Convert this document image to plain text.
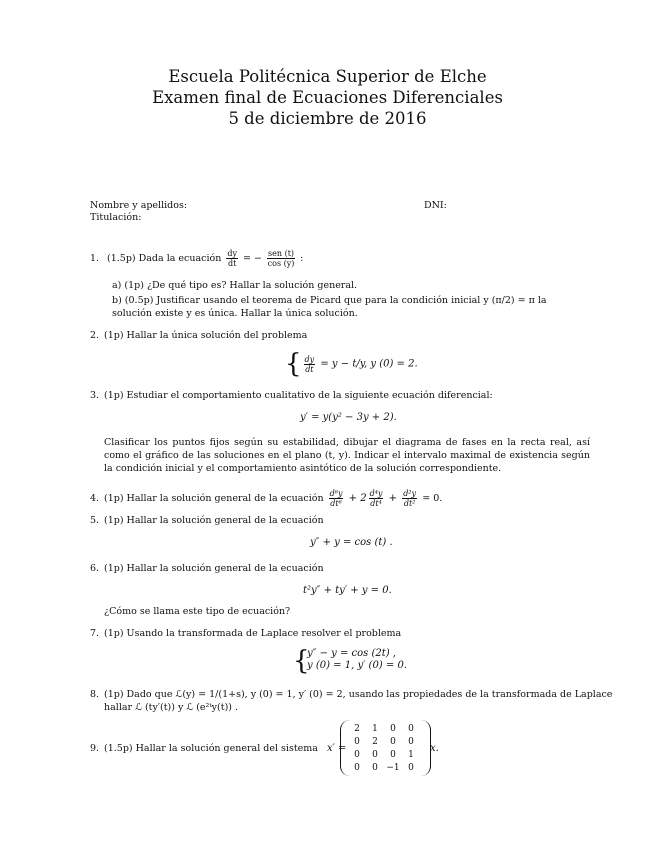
Escuela Politécnica Superior de Elche
Examen final de Ecuaciones Diferenciales
5 de diciembre de 2016
Nombre y apellidos:	DNI:
Titulación:
1. (1.5p) Dada la ecuación $\frac{dy}{dt}$ = − $\frac{\text{sen (t)}}{\cos (y)}$ :
a) (1p) ¿De qué tipo es? Hallar la solución general.
b) (0.5p) Justificar usando el teorema de Picard que para la condición inicial y (π/2) = π la solución existe y es única. Hallar la única solución.
2. (1p) Hallar la única solución del problema
{ $\frac{dy}{dt} = y - t/y$, y (0) = 2.
3. (1p) Estudiar el comportamiento cualitativo de la siguiente ecuación diferencial:
y′ = y(y² − 3y + 2).
Clasificar los puntos fijos según su estabilidad, dibujar el diagrama de fases en la recta real, así como el gráfico de las soluciones en el plano (t, y). Indicar el intervalo maximal de existencia según la condición inicial y el comportamiento asintótico de la solución correspondiente.
4. (1p) Hallar la solución general de la ecuación $\frac{\text{d⁶y}}{\text{dt⁶}} + 2 \frac{\text{d⁴y}}{\text{dt⁴}} + \frac{\text{d²y}}{\text{dt²}} = 0$.
5. (1p) Hallar la solución general de la ecuación
y″ + y = cos (t) .
6. (1p) Hallar la solución general de la ecuación
t²y″ + ty′ + y = 0.
¿Cómo se llama este tipo de ecuación?
7. (1p) Usando la transformada de Laplace resolver el problema
{
y″ − y = cos (2t) ,
y (0) = 1, y′ (0) = 0.
8. (1p) Dado que ℒ(y) = 1/(1+s), y (0) = 1, y′ (0) = 2, usando las propiedades de la transformada de Laplace
hallar ℒ (ty′(t)) y ℒ (e²ᵗy(t)) .
9. (1.5p) Hallar la solución general del sistema x′ =
2	1	0	0
0	2	0	0
0	0	0	1
0	0 −1 0
x.
